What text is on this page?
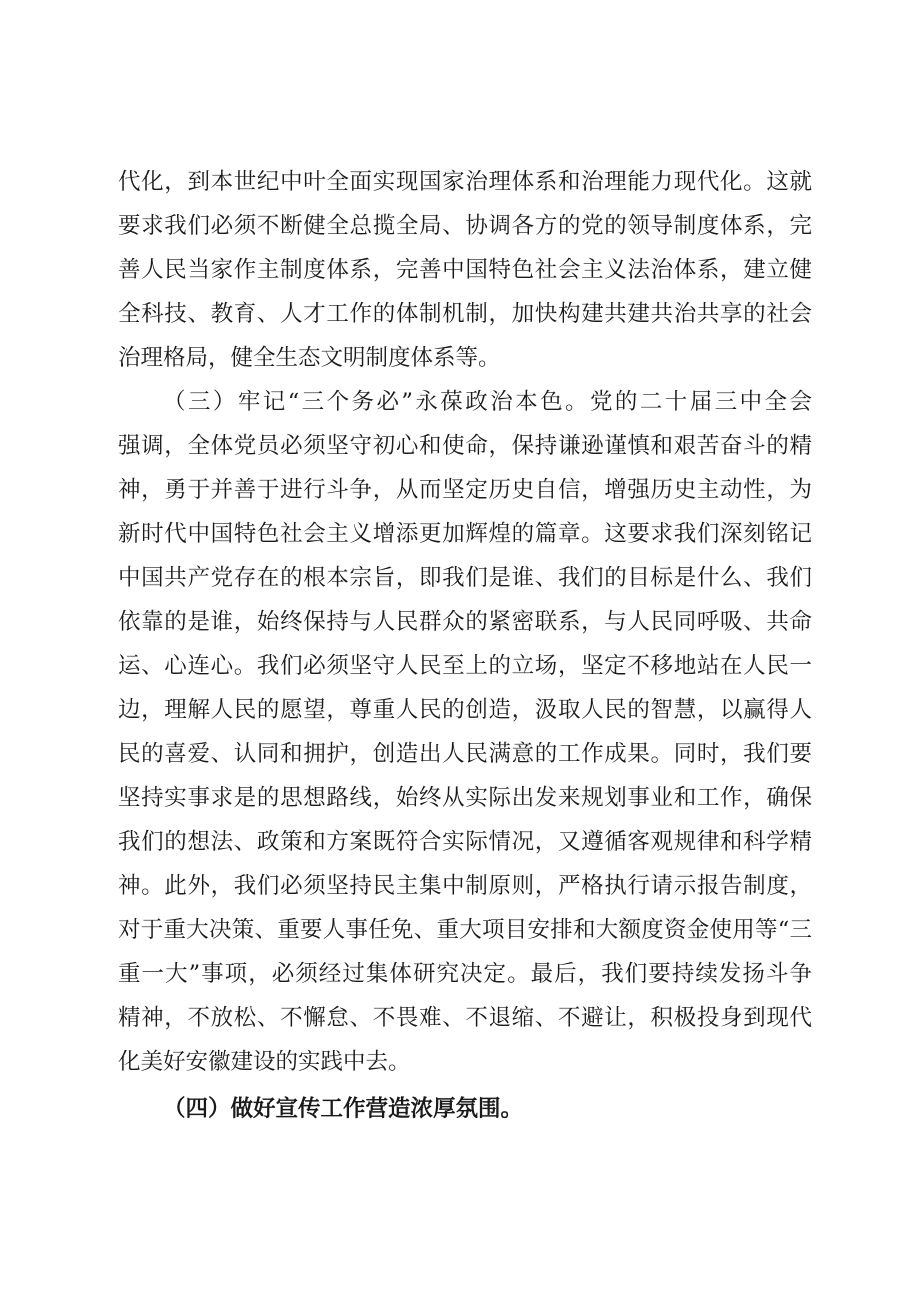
代化，到本世纪中叶全面实现国家治理体系和治理能力现代化。这就
要求我们必须不断健全总揽全局、协调各方的党的领导制度体系，完
善人民当家作主制度体系，完善中国特色社会主义法治体系，建立健
全科技、教育、人才工作的体制机制，加快构建共建共治共享的社会
治理格局，健全生态文明制度体系等。
（三）牢记“三个务必”永葆政治本色。党的二十届三中全会
强调，全体党员必须坚守初心和使命，保持谦逊谨慎和艰苦奋斗的精
神，勇于并善于进行斗争，从而坚定历史自信，增强历史主动性，为
新时代中国特色社会主义增添更加辉煌的篇章。这要求我们深刻铭记
中国共产党存在的根本宗旨，即我们是谁、我们的目标是什么、我们
依靠的是谁，始终保持与人民群众的紧密联系，与人民同呼吸、共命
运、心连心。我们必须坚守人民至上的立场，坚定不移地站在人民一
边，理解人民的愿望，尊重人民的创造，汲取人民的智慧，以赢得人
民的喜爱、认同和拥护，创造出人民满意的工作成果。同时，我们要
坚持实事求是的思想路线，始终从实际出发来规划事业和工作，确保
我们的想法、政策和方案既符合实际情况，又遵循客观规律和科学精
神。此外，我们必须坚持民主集中制原则，严格执行请示报告制度，
对于重大决策、重要人事任免、重大项目安排和大额度资金使用等“三
重一大”事项，必须经过集体研究决定。最后，我们要持续发扬斗争
精神，不放松、不懈怠、不畏难、不退缩、不避让，积极投身到现代
化美好安徽建设的实践中去。
（四）做好宣传工作营造浓厚氛围。
